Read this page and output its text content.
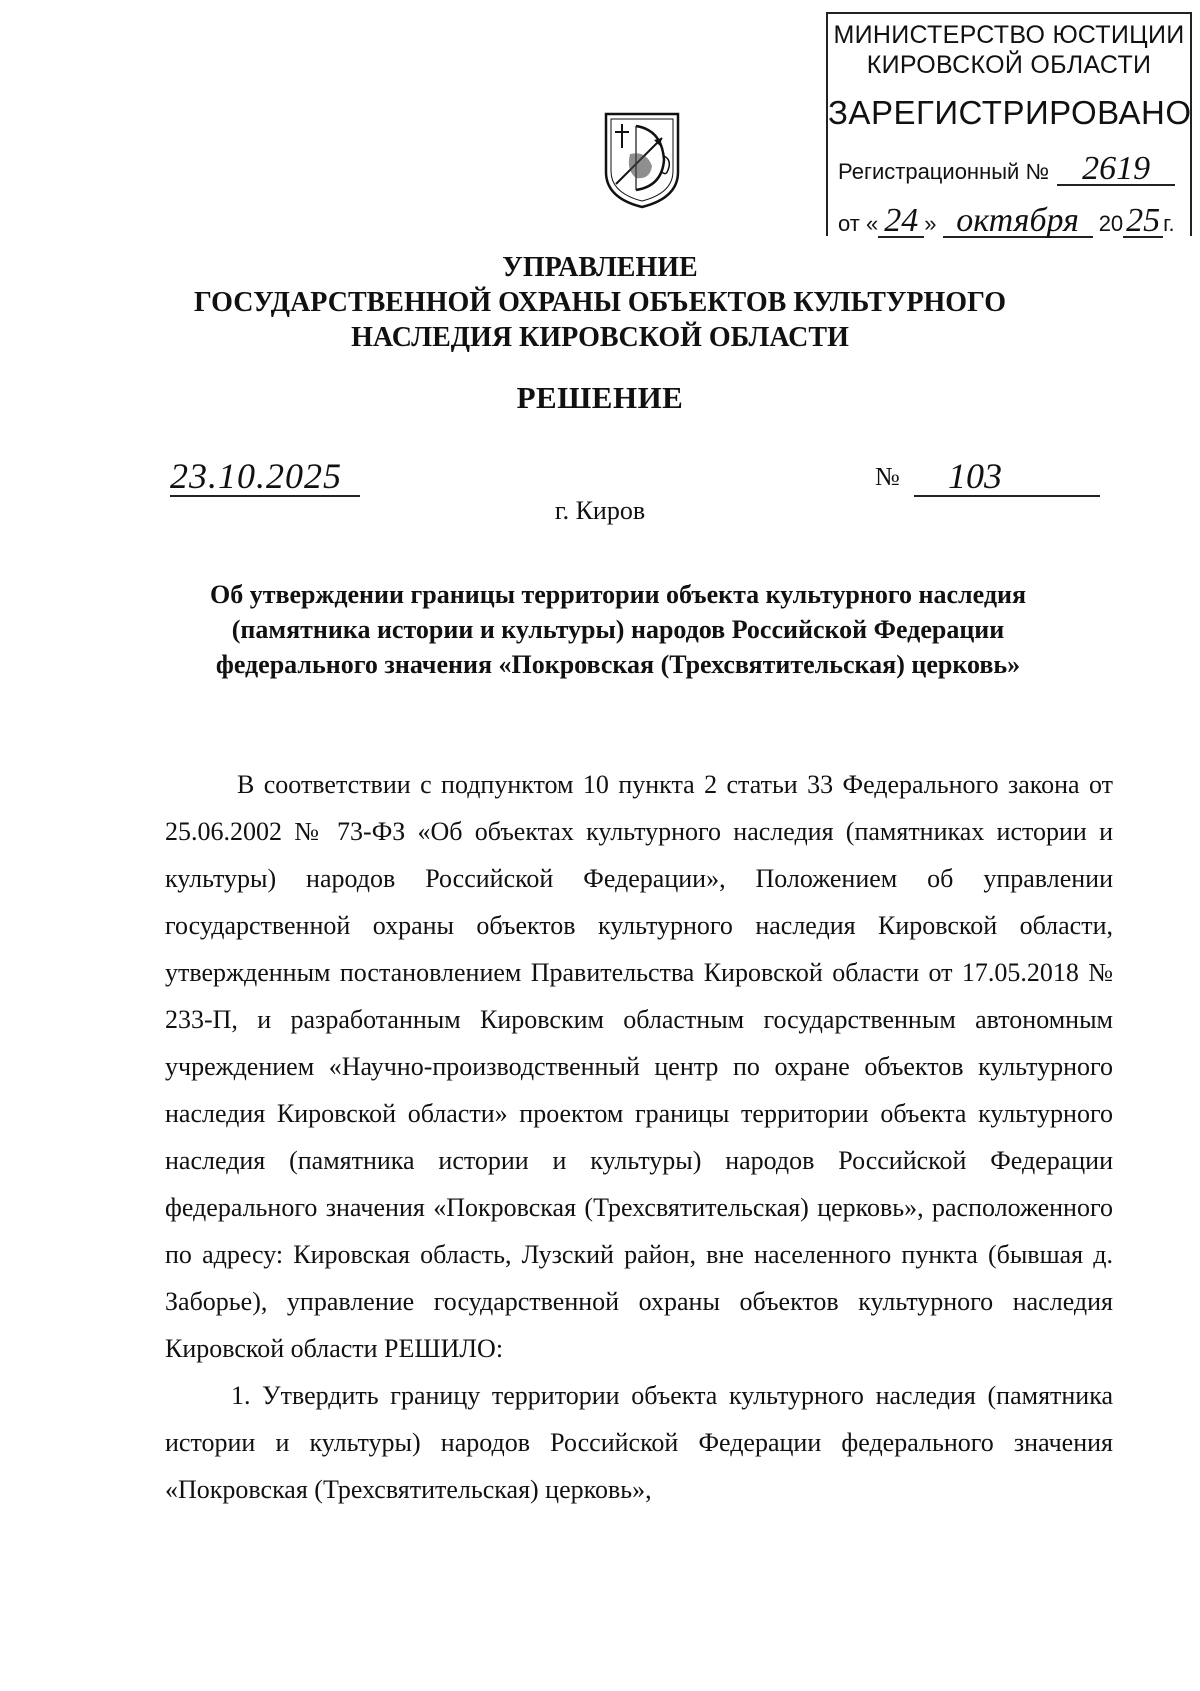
МИНИСТЕРСТВО ЮСТИЦИИ
КИРОВСКОЙ ОБЛАСТИ
ЗАРЕГИСТРИРОВАНО
Регистрационный № 2619
от « 24 » октября 2025 г.
УПРАВЛЕНИЕ
ГОСУДАРСТВЕННОЙ ОХРАНЫ ОБЪЕКТОВ КУЛЬТУРНОГО
НАСЛЕДИЯ КИРОВСКОЙ ОБЛАСТИ
РЕШЕНИЕ
23.10.2025	№	103
г. Киров
Об утверждении границы территории объекта культурного наследия
(памятника истории и культуры) народов Российской Федерации
федерального значения «Покровская (Трехсвятительская) церковь»

В соответствии с подпунктом 10 пункта 2 статьи 33 Федерального закона от 25.06.2002 № 73-ФЗ «Об объектах культурного наследия (памятниках истории и культуры) народов Российской Федерации», Положением об управлении государственной охраны объектов культурного наследия Кировской области, утвержденным постановлением Правительства Кировской области от 17.05.2018 № 233-П, и разработанным Кировским областным государственным автономным учреждением «Научно-производственный центр по охране объектов культурного наследия Кировской области» проектом границы территории объекта культурного наследия (памятника истории и культуры) народов Российской Федерации федерального значения «Покровская (Трехсвятительская) церковь», расположенного по адресу: Кировская область, Лузский район, вне населенного пункта (бывшая д. Заборье), управление государственной охраны объектов культурного наследия Кировской области РЕШИЛО:

1. Утвердить границу территории объекта культурного наследия (памятника истории и культуры) народов Российской Федерации федерального значения «Покровская (Трехсвятительская) церковь»,
